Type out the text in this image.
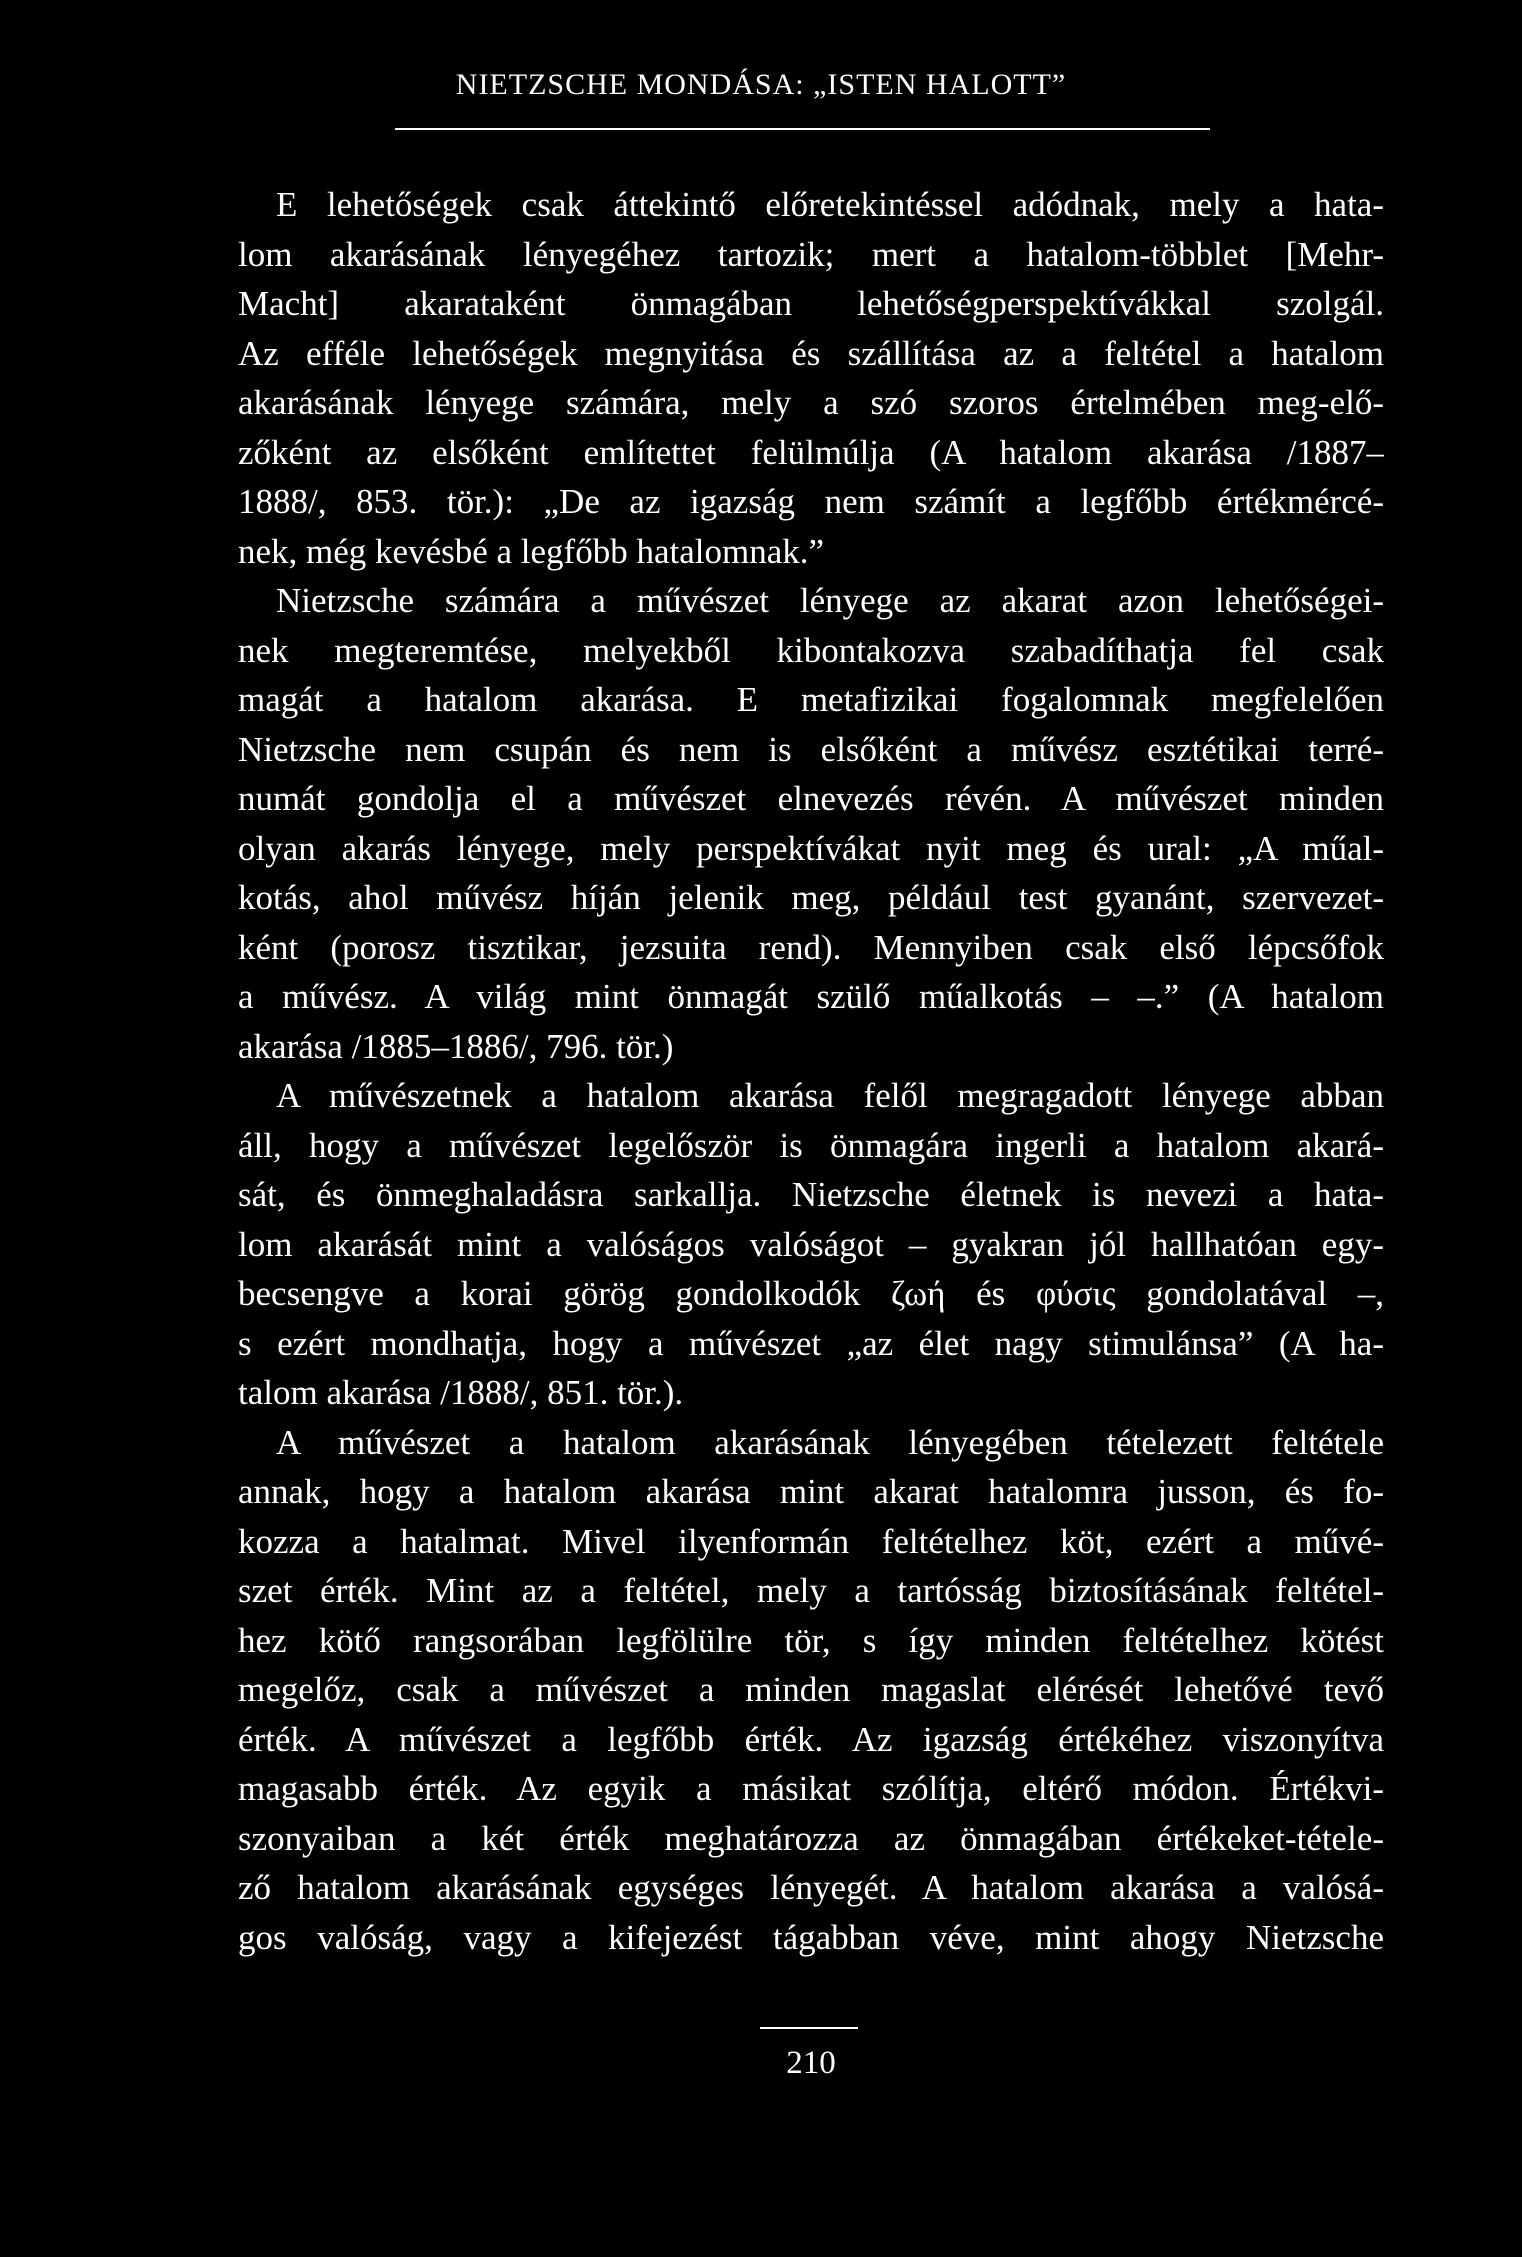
NIETZSCHE MONDÁSA: „ISTEN HALOTT”
E lehetőségek csak áttekintő előretekintéssel adódnak, mely a hata-
lom akarásának lényegéhez tartozik; mert a hatalom-többlet [Mehr-
Macht] akarataként önmagában lehetőségperspektívákkal szolgál.
Az efféle lehetőségek megnyitása és szállítása az a feltétel a hatalom
akarásának lényege számára, mely a szó szoros értelmében meg-elő-
zőként az elsőként említettet felülmúlja (A hatalom akarása /1887–
1888/, 853. tör.): „De az igazság nem számít a legfőbb értékmércé-
nek, még kevésbé a legfőbb hatalomnak.”
Nietzsche számára a művészet lényege az akarat azon lehetőségei-
nek megteremtése, melyekből kibontakozva szabadíthatja fel csak
magát a hatalom akarása. E metafizikai fogalomnak megfelelően
Nietzsche nem csupán és nem is elsőként a művész esztétikai terré-
numát gondolja el a művészet elnevezés révén. A művészet minden
olyan akarás lényege, mely perspektívákat nyit meg és ural: „A műal-
kotás, ahol művész híján jelenik meg, például test gyanánt, szervezet-
ként (porosz tisztikar, jezsuita rend). Mennyiben csak első lépcsőfok
a művész. A világ mint önmagát szülő műalkotás – –.” (A hatalom
akarása /1885–1886/, 796. tör.)
A művészetnek a hatalom akarása felől megragadott lényege abban
áll, hogy a művészet legelőször is önmagára ingerli a hatalom akará-
sát, és önmeghaladásra sarkallja. Nietzsche életnek is nevezi a hata-
lom akarását mint a valóságos valóságot – gyakran jól hallhatóan egy-
becsengve a korai görög gondolkodók ζωή és φύσις gondolatával –,
s ezért mondhatja, hogy a művészet „az élet nagy stimulánsa” (A ha-
talom akarása /1888/, 851. tör.).
A művészet a hatalom akarásának lényegében tételezett feltétele
annak, hogy a hatalom akarása mint akarat hatalomra jusson, és fo-
kozza a hatalmat. Mivel ilyenformán feltételhez köt, ezért a művé-
szet érték. Mint az a feltétel, mely a tartósság biztosításának feltétel-
hez kötő rangsorában legfölülre tör, s így minden feltételhez kötést
megelőz, csak a művészet a minden magaslat elérését lehetővé tevő
érték. A művészet a legfőbb érték. Az igazság értékéhez viszonyítva
magasabb érték. Az egyik a másikat szólítja, eltérő módon. Értékvi-
szonyaiban a két érték meghatározza az önmagában értékeket-tétele-
ző hatalom akarásának egységes lényegét. A hatalom akarása a valósá-
gos valóság, vagy a kifejezést tágabban véve, mint ahogy Nietzsche
210
